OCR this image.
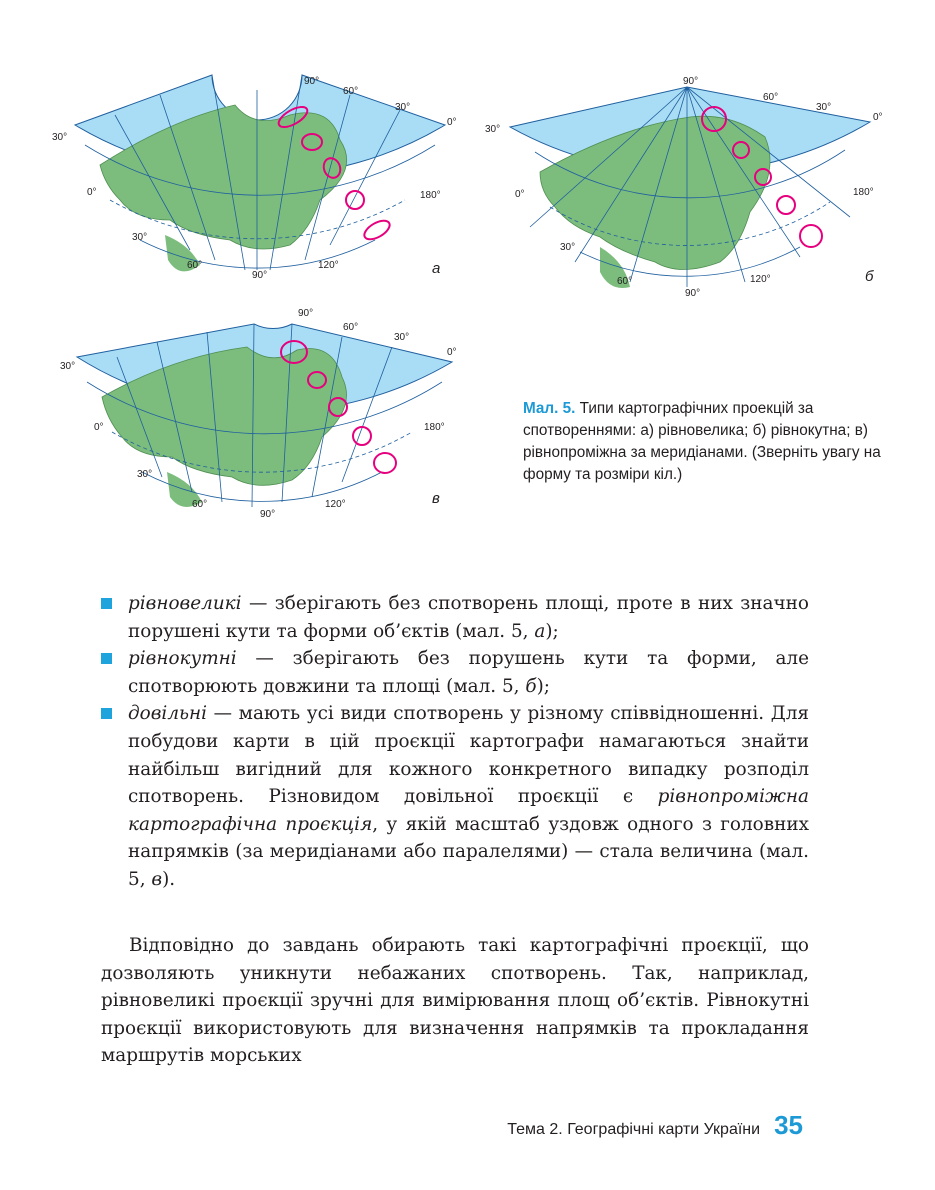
90°
60°
30°
0°
30°
0°	180°
30°
60°
90°
120°	а
90°
60°
30°
0°
30°
0°	180°
30°
60°
90°
120°	б
90°
60°
30°
0°
30°
0°	180°
30°
60°
90°
120°	в
Мал. 5. Типи картографічних проекцій за спотвореннями: а) рівновелика; б) рівнокутна; в) рівнопроміжна за меридіанами. (Зверніть увагу на форму та розміри кіл.)
рівновеликі — зберігають без спотворень площі, проте в них значно порушені кути та форми об’єктів (мал. 5, а);
рівнокутні — зберігають без порушень кути та форми, але спотворюють довжини та площі (мал. 5, б);
довільні — мають усі види спотворень у різному співвідношенні. Для побудови карти в цій проєкції картографи намагаються знайти найбільш вигідний для кожного конкретного випадку розподіл спотворень. Різновидом довільної проєкції є рівнопроміжна картографічна проєкція, у якій масштаб уздовж одного з головних напрямків (за меридіанами або паралелями) — стала величина (мал. 5, в).

Відповідно до завдань обирають такі картографічні проєкції, що дозволяють уникнути небажаних спотворень. Так, наприклад, рівновеликі проєкції зручні для вимірювання площ об’єктів. Рівнокутні проєкції використовують для визначення напрямків та прокладання маршрутів морських

Тема 2. Географічні карти України 35
